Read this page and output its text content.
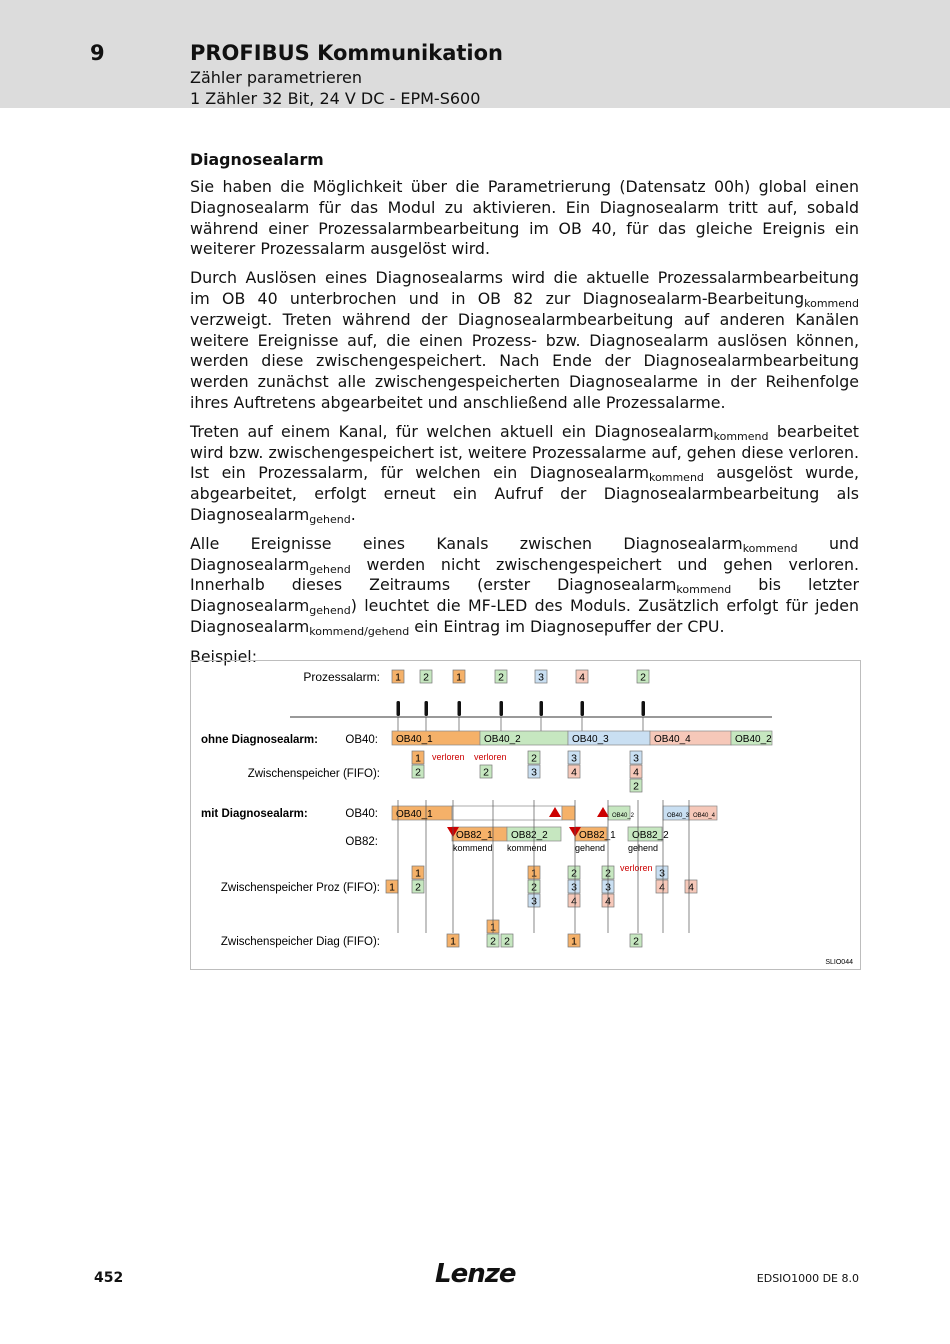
9	PROFIBUS Kommunikation
Zähler parametrieren
1 Zähler 32 Bit, 24 V DC - EPM-S600
Diagnosealarm

Sie haben die Möglichkeit über die Parametrierung (Datensatz 00h) global einen Diagnosealarm für das Modul zu aktivieren. Ein Diagnosealarm tritt auf, sobald während einer Prozessalarmbearbeitung im OB 40, für das gleiche Ereignis ein weiterer Prozessalarm ausgelöst wird.

Durch Auslösen eines Diagnosealarms wird die aktuelle Prozessalarmbearbeitung im OB 40 unterbrochen und in OB 82 zur Diagnosealarm-Bearbeitung$_{kommend}$ verzweigt. Treten während der Diagnosealarmbearbeitung auf anderen Kanälen weitere Ereignisse auf, die einen Prozess- bzw. Diagnosealarm auslösen können, werden diese zwischengespeichert. Nach Ende der Diagnosealarmbearbeitung werden zunächst alle zwischengespeicherten Diagnosealarme in der Reihenfolge ihres Auftretens abgearbeitet und anschließend alle Prozessalarme.

Treten auf einem Kanal, für welchen aktuell ein Diagnosealarm$_{kommend}$ bearbeitet wird bzw. zwischengespeichert ist, weitere Prozessalarme auf, gehen diese verloren. Ist ein Prozessalarm, für welchen ein Diagnosealarm$_{kommend}$ ausgelöst wurde, abgearbeitet, erfolgt erneut ein Aufruf der Diagnosealarmbearbeitung als Diagnosealarm$_{gehend}$.

Alle Ereignisse eines Kanals zwischen Diagnosealarm$_{kommend}$ und Diagnosealarm$_{gehend}$ werden nicht zwischengespeichert und gehen verloren. Innerhalb dieses Zeitraums (erster Diagnosealarm$_{kommend}$ bis letzter Diagnosealarm$_{gehend}$) leuchtet die MF-LED des Moduls. Zusätzlich erfolgt für jeden Diagnosealarm$_{kommend/gehend}$ ein Eintrag im Diagnosepuffer der CPU.

Beispiel:

Prozessalarm:
ohne Diagnosealarm: OB40:
Zwischenspeicher (FIFO):
mit Diagnosealarm:	OB40:
OB82:
Zwischenspeicher Proz (FIFO):
Zwischenspeicher Diag (FIFO):
SLIO044
1 2	1	2	3	4	2
OB40_1	OB40_2	OB40_3	OB40_4	OB40_2
1
2	2
2
3
3
4
3
4
2
verloren verloren
OB40_1	OB40_2	OB40_3 OB40_4
OB82_1 OB82_2	OB82_1 OB82_2
kommend kommend	gehend	gehend
verloren
1
1
2
1
2
3
2
3
4
2
3
4
3
4 4
1
1
2 2	1	2
452	Lenze	EDSIO1000 DE 8.0
